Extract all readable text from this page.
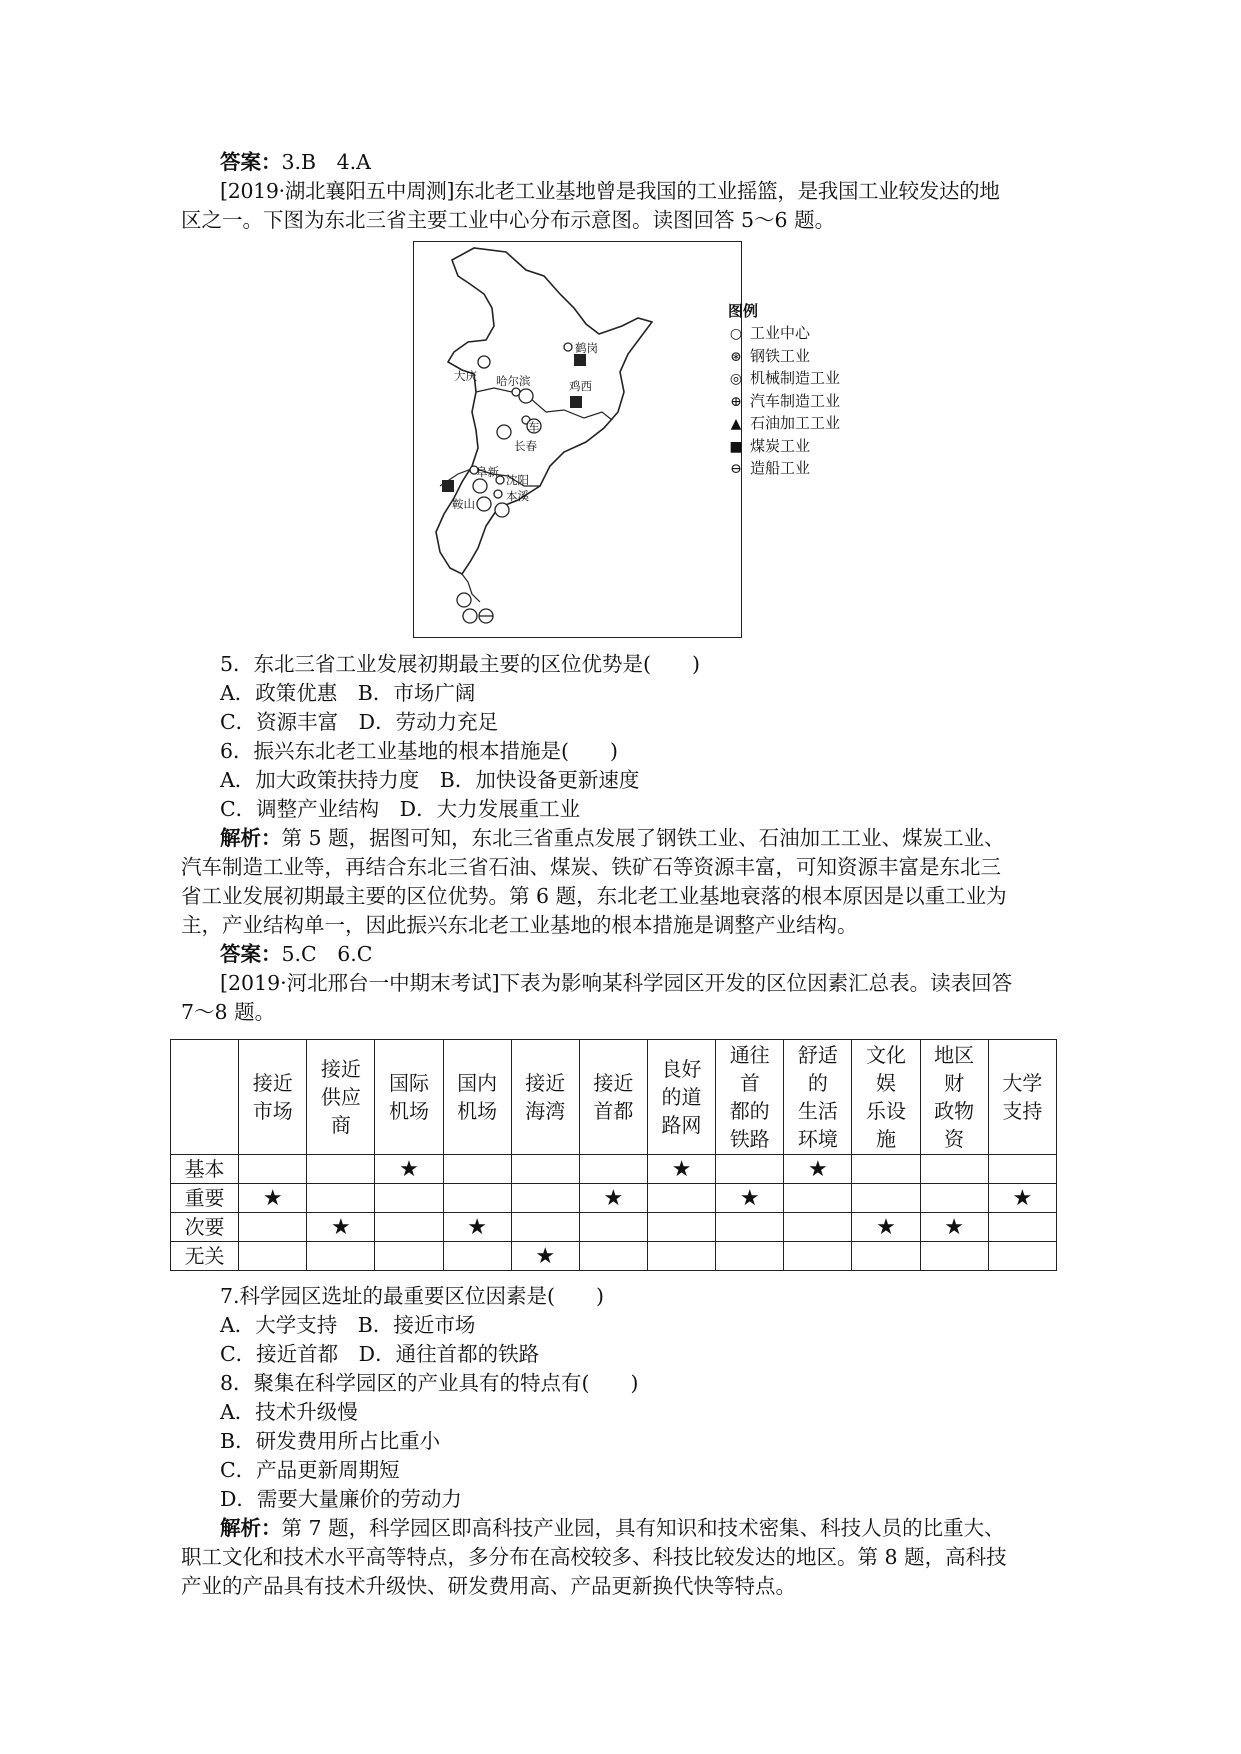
答案：3.B　4.A
[2019·湖北襄阳五中周测]东北老工业基地曾是我国的工业摇篮，是我国工业较发达的地
区之一。下图为东北三省主要工业中心分布示意图。读图回答 5～6 题。
鹤岗
大庆 哈尔滨	鸡西
车
长春
阜新
沈阳
本溪
鞍山
图例
○ 工业中心
⊛ 钢铁工业
◎ 机械制造工业
⊕ 汽车制造工业
▲ 石油加工工业
■ 煤炭工业
⊖ 造船工业
5．东北三省工业发展初期最主要的区位优势是(　　)
A．政策优惠　B．市场广阔
C．资源丰富　D．劳动力充足
6．振兴东北老工业基地的根本措施是(　　)
A．加大政策扶持力度　B．加快设备更新速度
C．调整产业结构　D．大力发展重工业
解析：第 5 题，据图可知，东北三省重点发展了钢铁工业、石油加工工业、煤炭工业、
汽车制造工业等，再结合东北三省石油、煤炭、铁矿石等资源丰富，可知资源丰富是东北三
省工业发展初期最主要的区位优势。第 6 题，东北老工业基地衰落的根本原因是以重工业为
主，产业结构单一，因此振兴东北老工业基地的根本措施是调整产业结构。
答案：5.C　6.C
[2019·河北邢台一中期末考试]下表为影响某科学园区开发的区位因素汇总表。读表回答
7～8 题。
	接近
市场	接近
供应
商	国际
机场	国内
机场	接近
海湾	接近
首都	良好
的道
路网	通往
首
都的
铁路	舒适
的
生活
环境	文化
娱
乐设
施	地区
财
政物
资	大学
支持
基本			★				★		★			
重要	★					★		★				★
次要		★		★						★	★	
无关					★							
7.科学园区选址的最重要区位因素是(　　)
A．大学支持　B．接近市场
C．接近首都　D．通往首都的铁路
8．聚集在科学园区的产业具有的特点有(　　)
A．技术升级慢
B．研发费用所占比重小
C．产品更新周期短
D．需要大量廉价的劳动力
解析：第 7 题，科学园区即高科技产业园，具有知识和技术密集、科技人员的比重大、
职工文化和技术水平高等特点，多分布在高校较多、科技比较发达的地区。第 8 题，高科技
产业的产品具有技术升级快、研发费用高、产品更新换代快等特点。
